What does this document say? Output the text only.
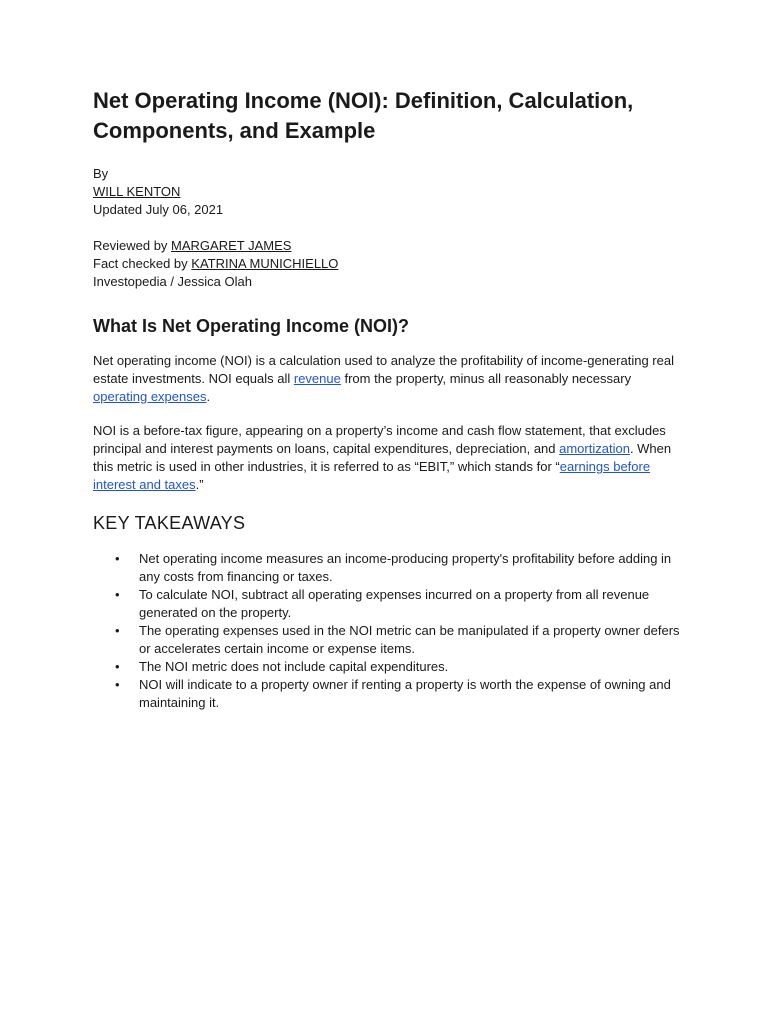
Net Operating Income (NOI): Definition, Calculation, Components, and Example
By
WILL KENTON
Updated July 06, 2021
Reviewed by MARGARET JAMES
Fact checked by KATRINA MUNICHIELLO
Investopedia / Jessica Olah
What Is Net Operating Income (NOI)?

Net operating income (NOI) is a calculation used to analyze the profitability of income-generating real estate investments. NOI equals all revenue from the property, minus all reasonably necessary operating expenses.

NOI is a before-tax figure, appearing on a property’s income and cash flow statement, that excludes principal and interest payments on loans, capital expenditures, depreciation, and amortization. When this metric is used in other industries, it is referred to as “EBIT,” which stands for “earnings before interest and taxes.”

KEY TAKEAWAYS
• Net operating income measures an income-producing property's profitability before adding in any costs from financing or taxes.
• To calculate NOI, subtract all operating expenses incurred on a property from all revenue generated on the property.
• The operating expenses used in the NOI metric can be manipulated if a property owner defers or accelerates certain income or expense items.
• The NOI metric does not include capital expenditures.
• NOI will indicate to a property owner if renting a property is worth the expense of owning and maintaining it.
